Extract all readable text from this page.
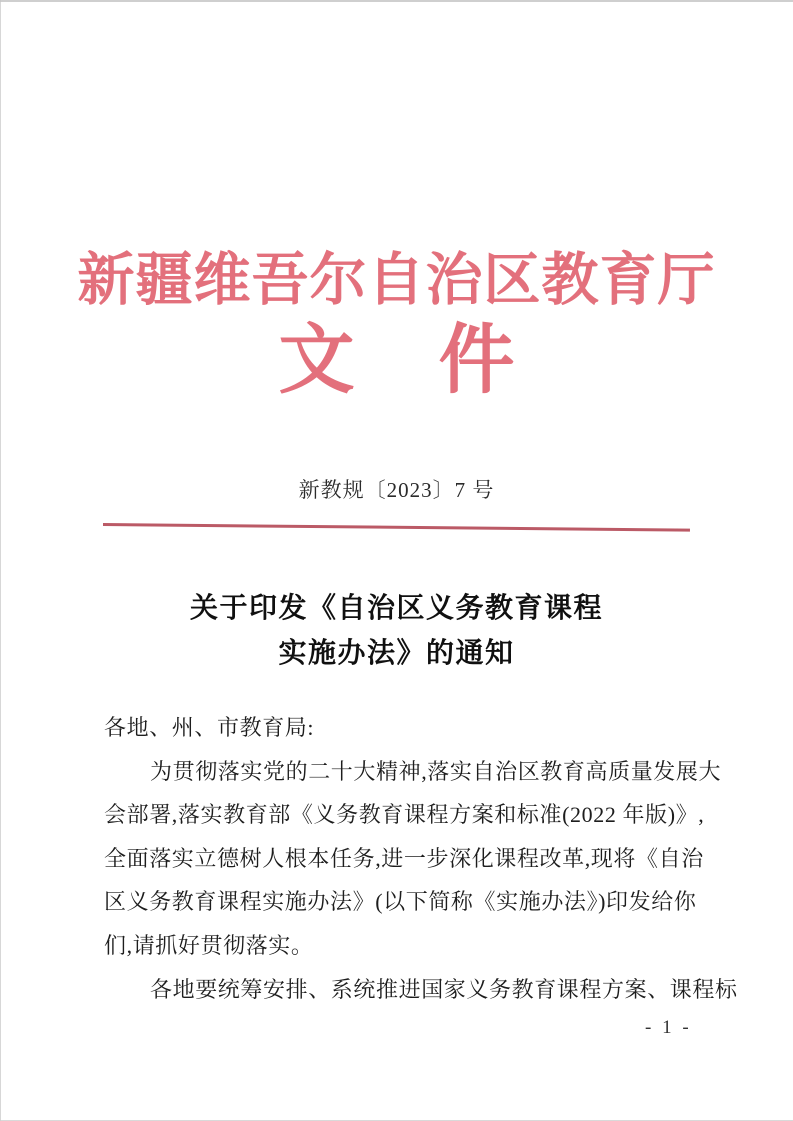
新疆维吾尔自治区教育厅
文 件
新教规〔2023〕7 号
关于印发《自治区义务教育课程
实施办法》的通知
各地、州、市教育局:
为贯彻落实党的二十大精神,落实自治区教育高质量发展大
会部署,落实教育部《义务教育课程方案和标准(2022 年版)》,
全面落实立德树人根本任务,进一步深化课程改革,现将《自治
区义务教育课程实施办法》(以下简称《实施办法》)印发给你
们,请抓好贯彻落实。
各地要统筹安排、系统推进国家义务教育课程方案、课程标
- 1 -
